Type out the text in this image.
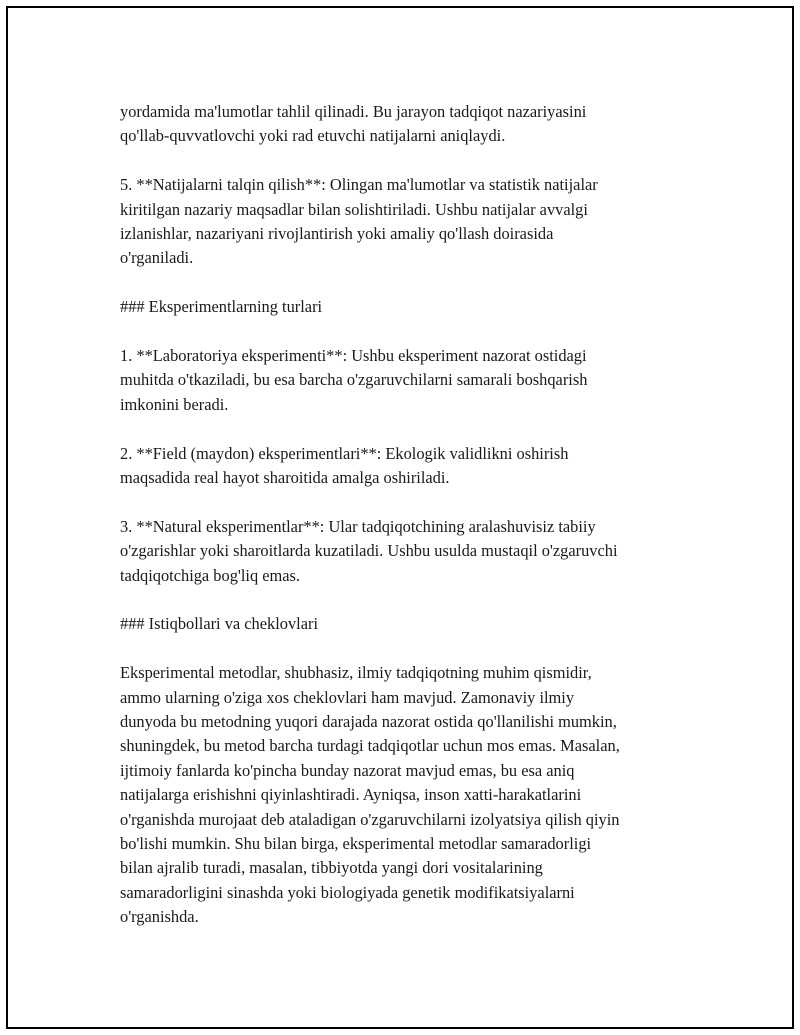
yordamida ma'lumotlar tahlil qilinadi. Bu jarayon tadqiqot nazariyasini
qo'llab-quvvatlovchi yoki rad etuvchi natijalarni aniqlaydi.
5. **Natijalarni talqin qilish**: Olingan ma'lumotlar va statistik natijalar
kiritilgan nazariy maqsadlar bilan solishtiriladi. Ushbu natijalar avvalgi
izlanishlar, nazariyani rivojlantirish yoki amaliy qo'llash doirasida
o'rganiladi.
### Eksperimentlarning turlari
1. **Laboratoriya eksperimenti**: Ushbu eksperiment nazorat ostidagi
muhitda o'tkaziladi, bu esa barcha o'zgaruvchilarni samarali boshqarish
imkonini beradi.
2. **Field (maydon) eksperimentlari**: Ekologik validlikni oshirish
maqsadida real hayot sharoitida amalga oshiriladi.
3. **Natural eksperimentlar**: Ular tadqiqotchining aralashuvisiz tabiiy
o'zgarishlar yoki sharoitlarda kuzatiladi. Ushbu usulda mustaqil o'zgaruvchi
tadqiqotchiga bog'liq emas.
### Istiqbollari va cheklovlari
Eksperimental metodlar, shubhasiz, ilmiy tadqiqotning muhim qismidir,
ammo ularning o'ziga xos cheklovlari ham mavjud. Zamonaviy ilmiy
dunyoda bu metodning yuqori darajada nazorat ostida qo'llanilishi mumkin,
shuningdek, bu metod barcha turdagi tadqiqotlar uchun mos emas. Masalan,
ijtimoiy fanlarda ko'pincha bunday nazorat mavjud emas, bu esa aniq
natijalarga erishishni qiyinlashtiradi. Ayniqsa, inson xatti-harakatlarini
o'rganishda murojaat deb ataladigan o'zgaruvchilarni izolyatsiya qilish qiyin
bo'lishi mumkin. Shu bilan birga, eksperimental metodlar samaradorligi
bilan ajralib turadi, masalan, tibbiyotda yangi dori vositalarining
samaradorligini sinashda yoki biologiyada genetik modifikatsiyalarni
o'rganishda.
